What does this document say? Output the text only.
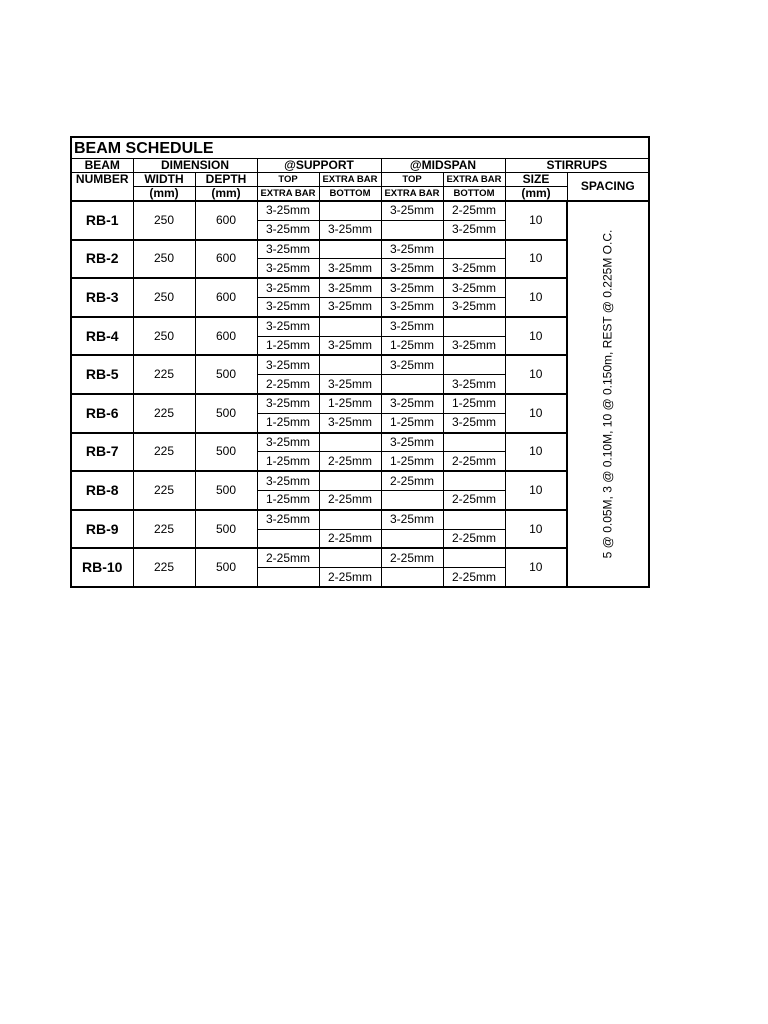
BEAM SCHEDULE								
BEAM	DIMENSION		@SUPPORT		@MIDSPAN		STIRRUPS	
NUMBER	WIDTH	DEPTH	TOP	EXTRA BAR	TOP	EXTRA BAR	SIZE	SPACING
	(mm)	(mm)	EXTRA BAR	BOTTOM	EXTRA BAR	BOTTOM	(mm)	
RB-1	250	600	3-25mm		3-25mm	2-25mm	10	5 @ 0.05M, 3 @ 0.10M, 10 @ 0.150m, REST @ 0.225M O.C.

			3-25mm	3-25mm		3-25mm		
RB-2	250	600	3-25mm		3-25mm		10	
			3-25mm	3-25mm	3-25mm	3-25mm		
RB-3	250	600	3-25mm	3-25mm	3-25mm	3-25mm	10	
			3-25mm	3-25mm	3-25mm	3-25mm		
RB-4	250	600	3-25mm		3-25mm		10	
			1-25mm	3-25mm	1-25mm	3-25mm		
RB-5	225	500	3-25mm		3-25mm		10	
			2-25mm	3-25mm		3-25mm		
RB-6	225	500	3-25mm	1-25mm	3-25mm	1-25mm	10	
			1-25mm	3-25mm	1-25mm	3-25mm		
RB-7	225	500	3-25mm		3-25mm		10	
			1-25mm	2-25mm	1-25mm	2-25mm		
RB-8	225	500	3-25mm		2-25mm		10	
			1-25mm	2-25mm		2-25mm		
RB-9	225	500	3-25mm		3-25mm		10	
				2-25mm		2-25mm		
RB-10	225	500	2-25mm		2-25mm		10	
				2-25mm		2-25mm		
